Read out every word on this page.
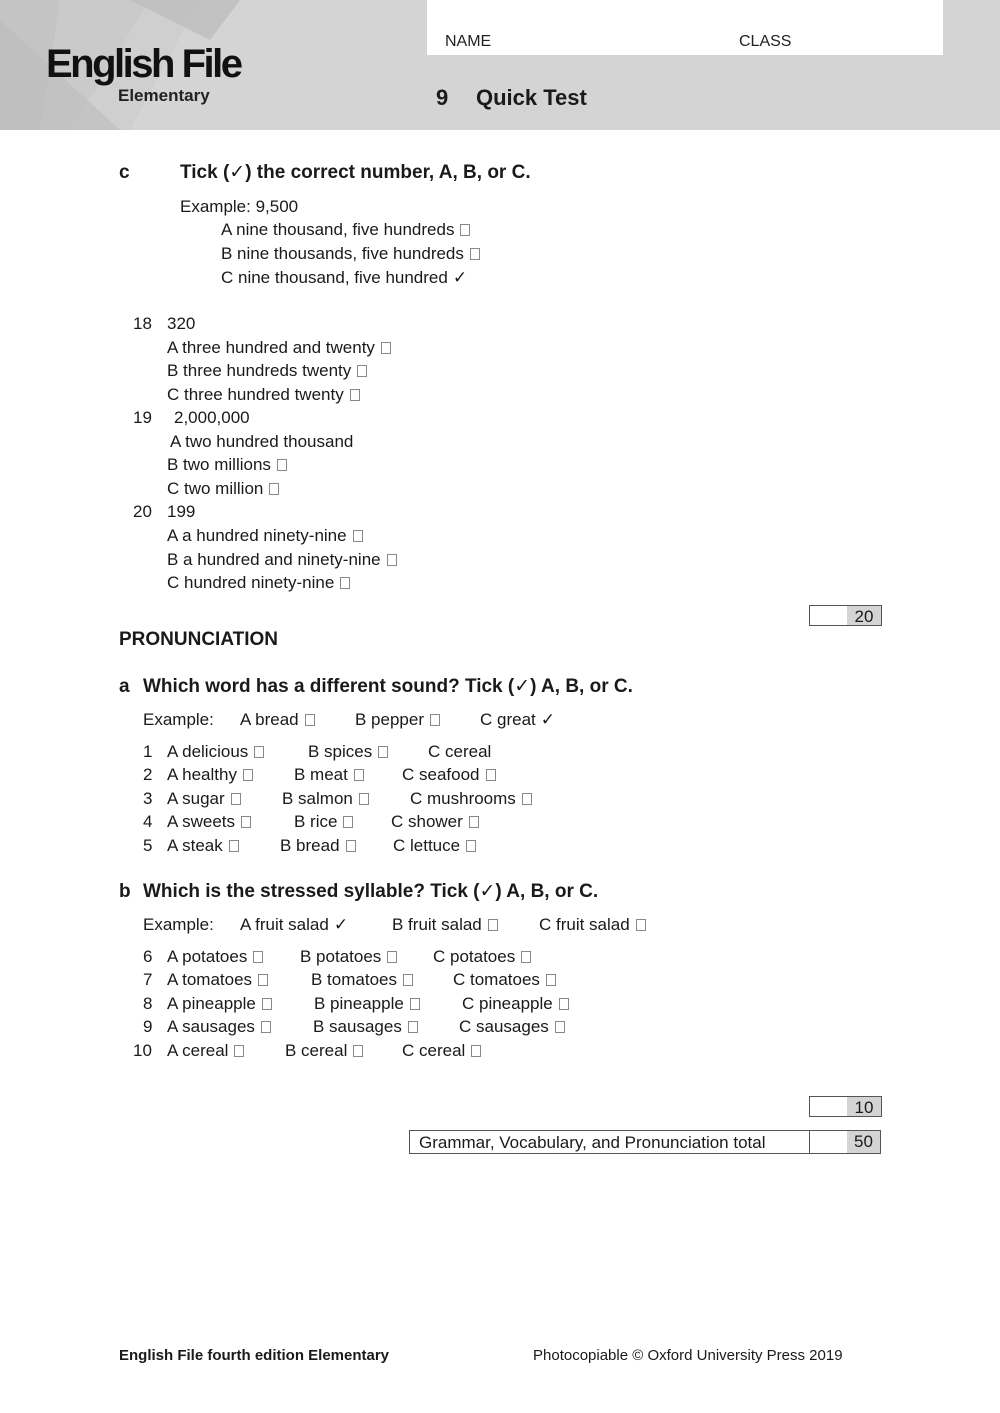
English File
Elementary
NAME	CLASS
9 Quick Test
c	Tick (✓) the correct number, A, B, or C.
Example: 9,500
A nine thousand, five hundreds
B nine thousands, five hundreds
C nine thousand, five hundred ✓
18 320
A three hundred and twenty
B three hundreds twenty
C three hundred twenty
19 2,000,000
A two hundred thousand
B two millions
C two million
20 199
A a hundred ninety-nine
B a hundred and ninety-nine
C hundred ninety-nine
20
PRONUNCIATION
a Which word has a different sound? Tick (✓) A, B, or C.
Example: A bread	B pepper	C great ✓
1 A delicious	B spices	C cereal
2 A healthy	B meat	C seafood
3 A sugar	B salmon	C mushrooms
4 A sweets	B rice	C shower
5 A steak	B bread	C lettuce
b Which is the stressed syllable? Tick (✓) A, B, or C.
Example: A fruit salad ✓	B fruit salad	C fruit salad
6 A potatoes	B potatoes	C potatoes
7 A tomatoes	B tomatoes	C tomatoes
8 A pineapple	B pineapple	C pineapple
9 A sausages	B sausages	C sausages
10 A cereal	B cereal	C cereal
10
Grammar, Vocabulary, and Pronunciation total	50
English File fourth edition Elementary	Photocopiable © Oxford University Press 2019
